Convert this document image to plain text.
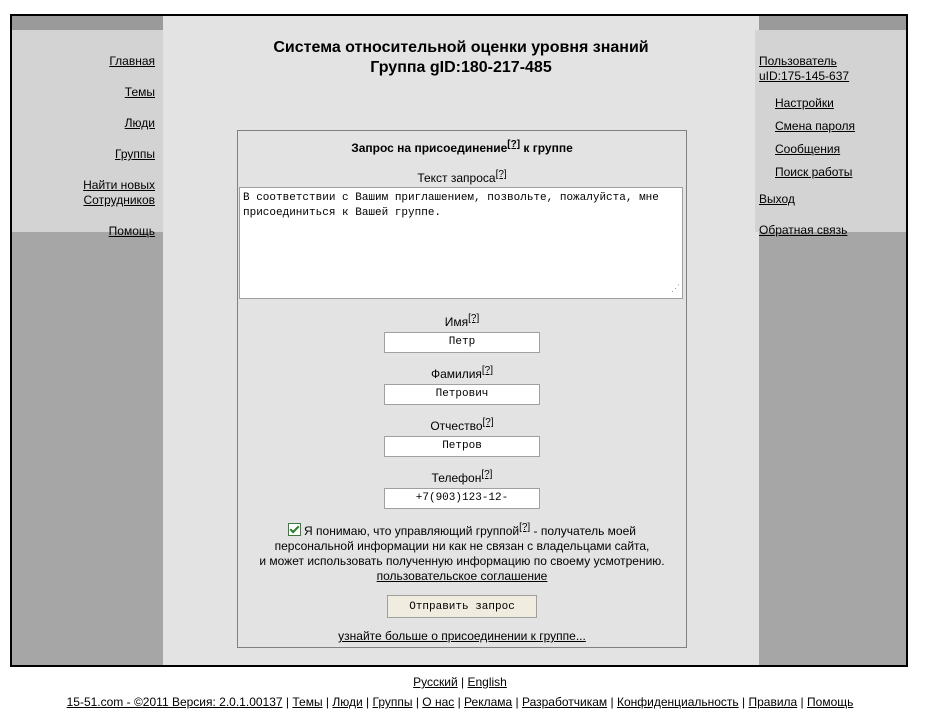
Главная
Темы
Люди
Группы
Найти новых
Сотрудников
Помощь
Система относительной оценки уровня знаний
Группа gID:180-217-485
Запрос на присоединение[?] к группе
Текст запроса[?]
В соответствии с Вашим приглашением, позвольте, пожалуйста, мне присоединиться к Вашей группе.
⋰
Имя[?]
Петр
Фамилия[?]
Петрович
Отчество[?]
Петров
Телефон[?]
+7(903)123-12-
Я понимаю, что управляющий группой[?] - получатель моей
персональной информации ни как не связан с владельцами сайта,
и может использовать полученную информацию по своему усмотрению.
пользовательское соглашение
Отправить запрос
узнайте больше о присоединении к группе...
Пользователь
uID:175-145-637
Настройки
Смена пароля
Сообщения
Поиск работы
Выход
Обратная связь
Русский | English
15-51.com - ©2011 Версия: 2.0.1.00137 | Темы | Люди | Группы | О нас | Реклама | Разработчикам | Конфиденциальность | Правила | Помощь
